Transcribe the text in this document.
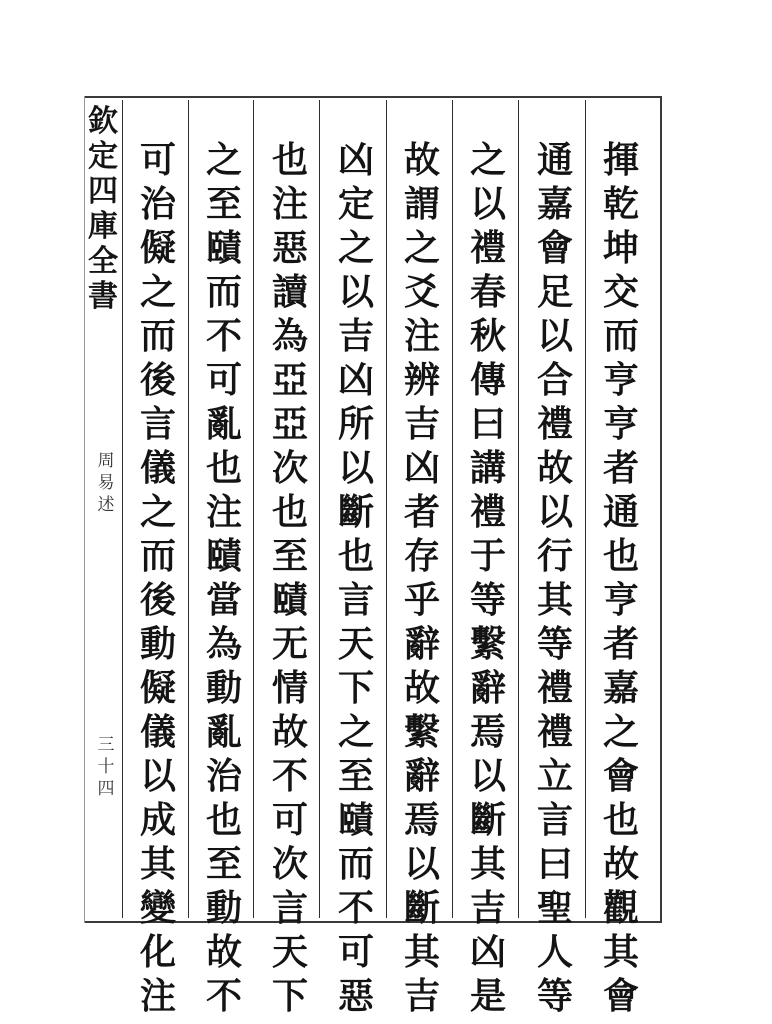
欽
定
四
庫
全
書
周
易
述
三
十
四
揮
乾
坤
交
而
亨
亨
者
通
也
亨
者
嘉
之
會
也
故
觀
其
會
通
嘉
會
足
以
合
禮
故
以
行
其
等
禮
禮
立
言
曰
聖
人
等
之
以
禮
春
秋
傳
曰
講
禮
于
等
繫
辭
焉
以
斷
其
吉
凶
是
故
謂
之
爻
注
辨
吉
凶
者
存
乎
辭
故
繫
辭
焉
以
斷
其
吉
凶
定
之
以
吉
凶
所
以
斷
也
言
天
下
之
至
賾
而
不
可
惡
也
注
惡
讀
為
亞
亞
次
也
至
賾
无
情
故
不
可
次
言
天
下
之
至
賾
而
不
可
亂
也
注
賾
當
為
動
亂
治
也
至
動
故
不
可
治
儗
之
而
後
言
儀
之
而
後
動
儗
儀
以
成
其
變
化
注
